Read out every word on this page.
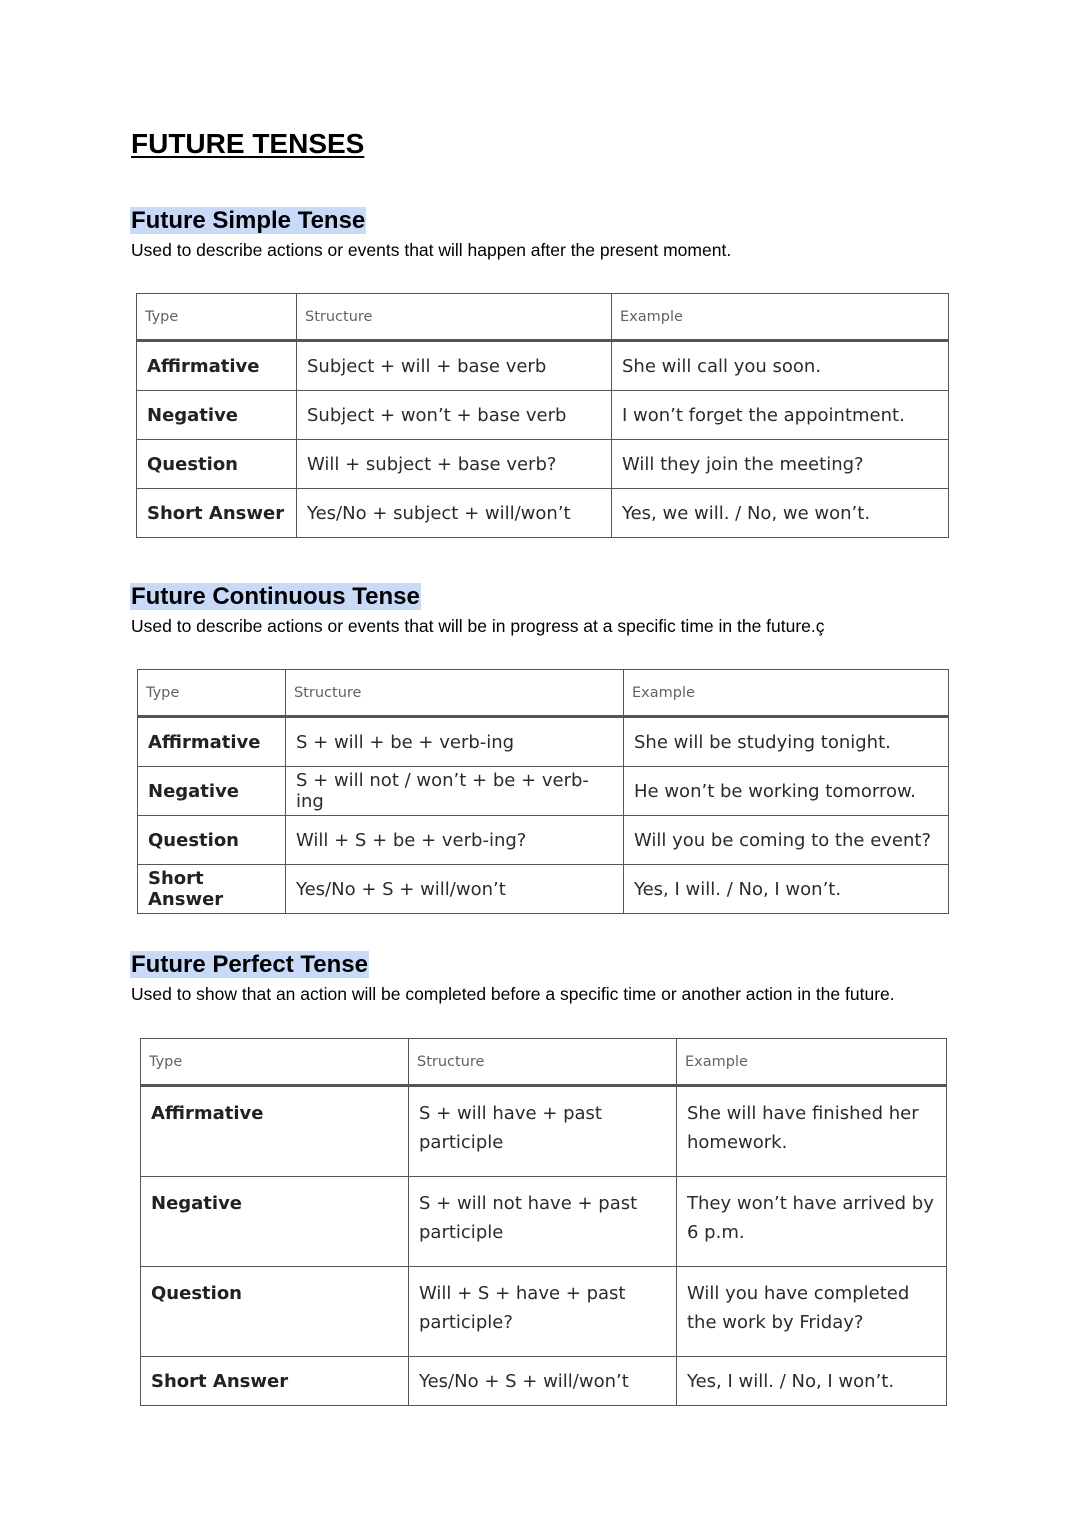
FUTURE TENSES
Future Simple Tense

Used to describe actions or events that will happen after the present moment.

Type	Structure	Example
Affirmative	Subject + will + base verb	She will call you soon.
Negative	Subject + won’t + base verb	I won’t forget the appointment.
Question	Will + subject + base verb?	Will they join the meeting?
Short Answer	Yes/No + subject + will/won’t	Yes, we will. / No, we won’t.
Future Continuous Tense

Used to describe actions or events that will be in progress at a specific time in the future.ç

Type	Structure	Example
Affirmative	S + will + be + verb-ing	She will be studying tonight.
Negative	S + will not / won’t + be + verb-ing	He won’t be working tomorrow.
Question	Will + S + be + verb-ing?	Will you be coming to the event?
Short Answer	Yes/No + S + will/won’t	Yes, I will. / No, I won’t.
Future Perfect Tense

Used to show that an action will be completed before a specific time or another action in the future.

Type	Structure	Example
Affirmative	S + will have + past participle	She will have finished her homework.
Negative	S + will not have + past participle	They won’t have arrived by 6 p.m.
Question	Will + S + have + past participle?	Will you have completed the work by Friday?
Short Answer	Yes/No + S + will/won’t	Yes, I will. / No, I won’t.
